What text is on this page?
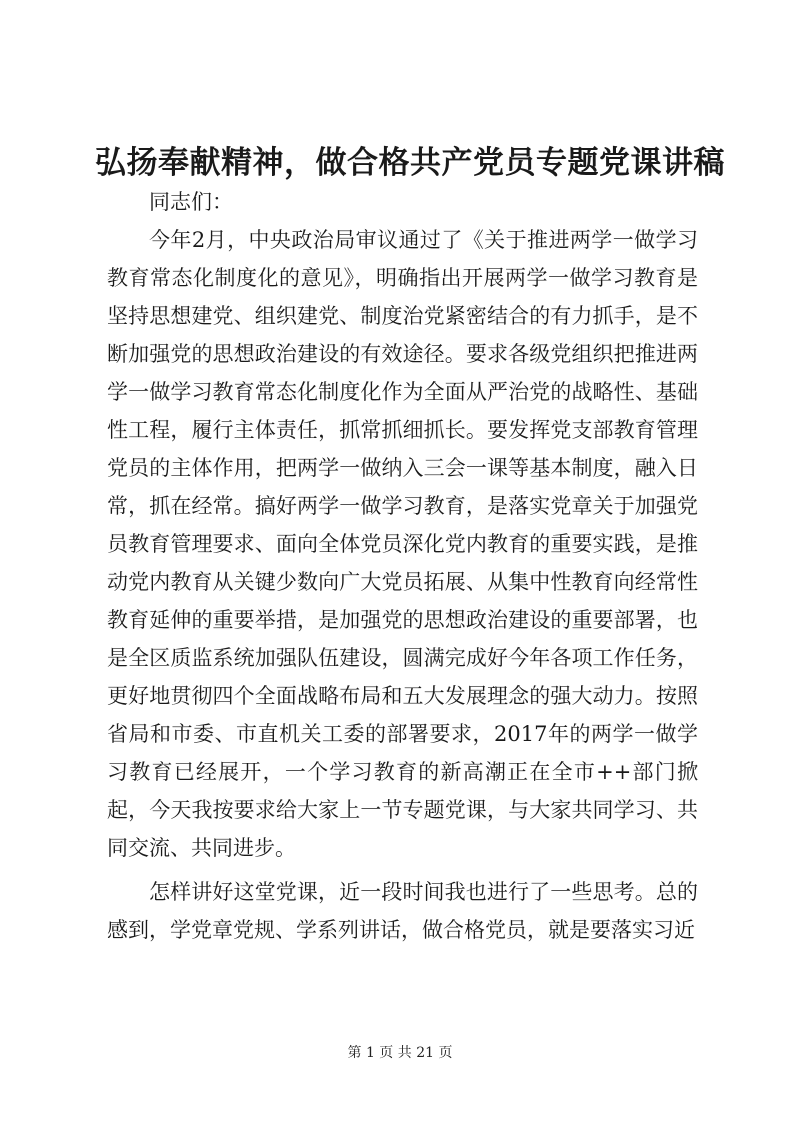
弘扬奉献精神，做合格共产党员专题党课讲稿

同志们：

今年2月，中央政治局审议通过了《关于推进两学一做学习教育常态化制度化的意见》，明确指出开展两学一做学习教育是坚持思想建党、组织建党、制度治党紧密结合的有力抓手，是不断加强党的思想政治建设的有效途径。要求各级党组织把推进两学一做学习教育常态化制度化作为全面从严治党的战略性、基础性工程，履行主体责任，抓常抓细抓长。要发挥党支部教育管理党员的主体作用，把两学一做纳入三会一课等基本制度，融入日常，抓在经常。搞好两学一做学习教育，是落实党章关于加强党员教育管理要求、面向全体党员深化党内教育的重要实践，是推动党内教育从关键少数向广大党员拓展、从集中性教育向经常性教育延伸的重要举措，是加强党的思想政治建设的重要部署，也是全区质监系统加强队伍建设，圆满完成好今年各项工作任务，更好地贯彻四个全面战略布局和五大发展理念的强大动力。按照省局和市委、市直机关工委的部署要求，2017年的两学一做学习教育已经展开，一个学习教育的新高潮正在全市++部门掀起，今天我按要求给大家上一节专题党课，与大家共同学习、共同交流、共同进步。

怎样讲好这堂党课，近一段时间我也进行了一些思考。总的感到，学党章党规、学系列讲话，做合格党员，就是要落实习近

第 1 页 共 21 页
